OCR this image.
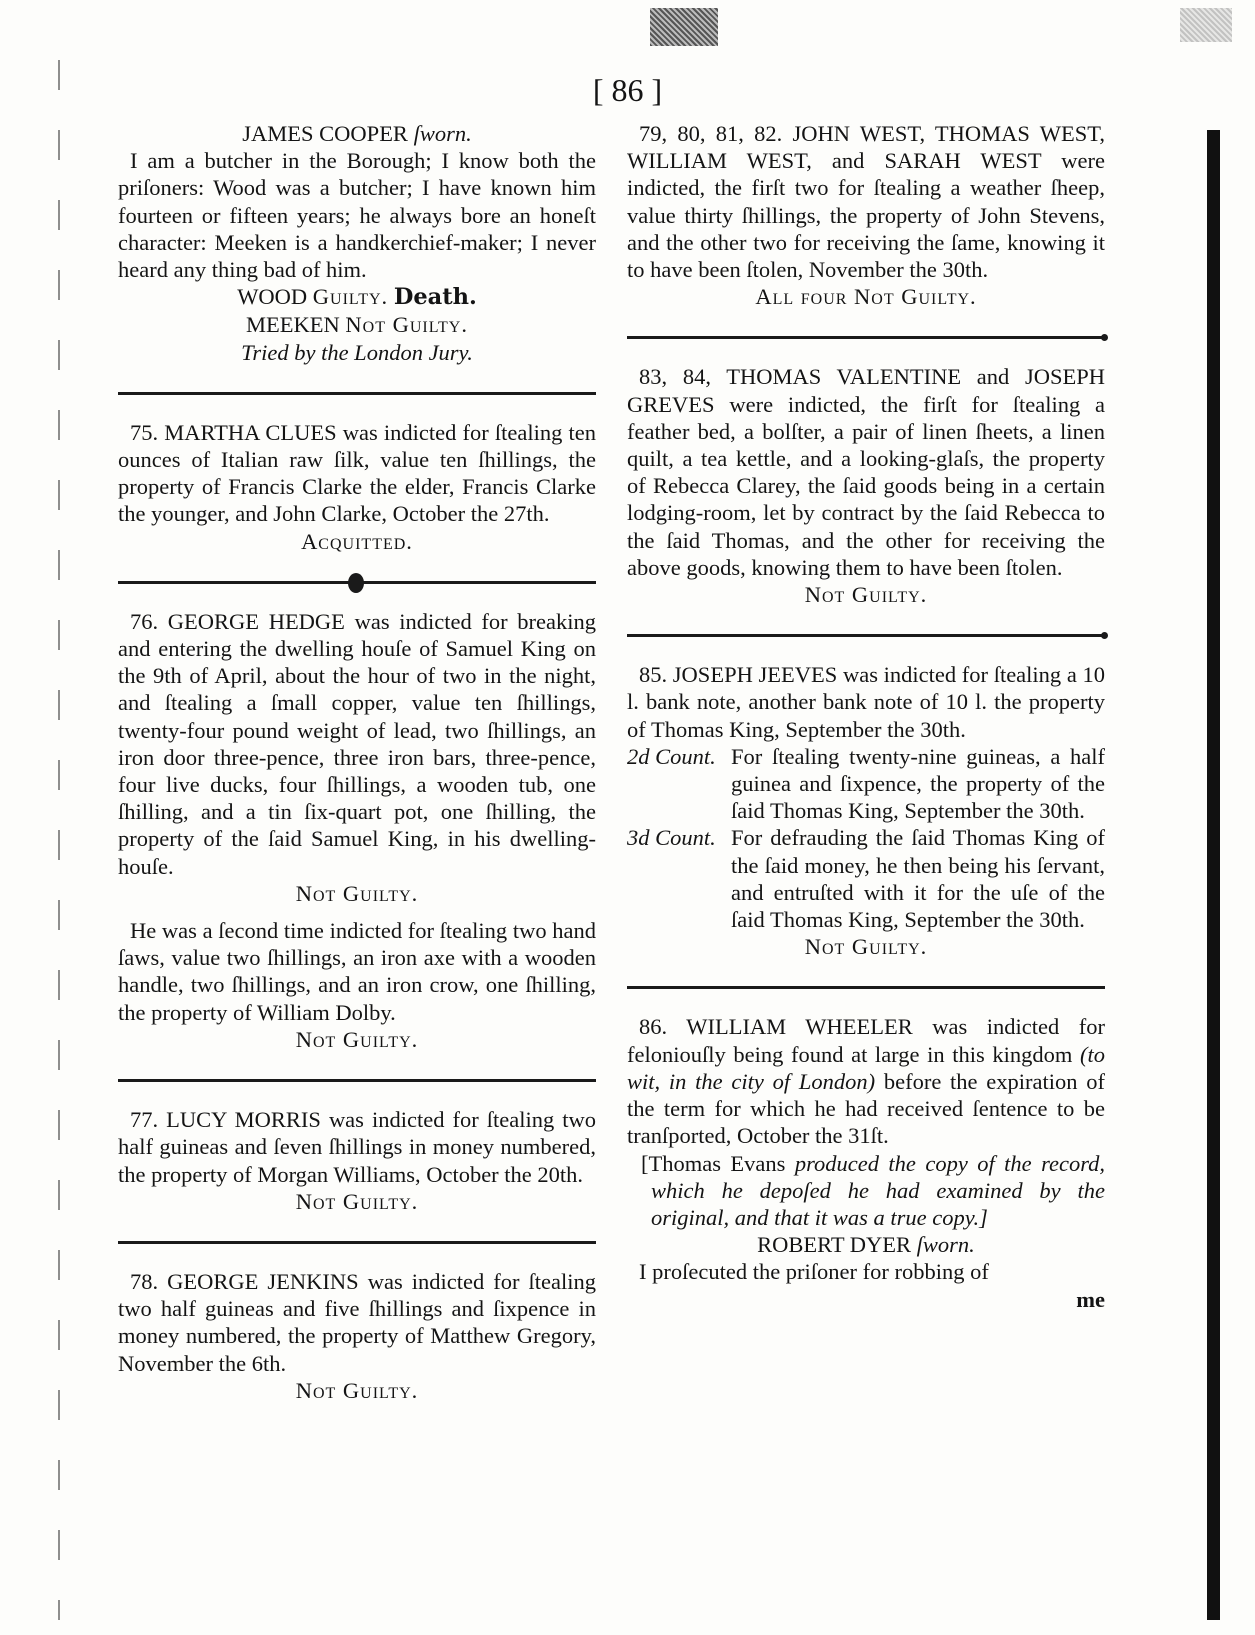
[ 86 ]

JAMES COOPER ſworn.

I am a butcher in the Borough; I know both the priſoners: Wood was a butcher; I have known him fourteen or fifteen years; he always bore an honeſt character: Meeken is a handkerchief-maker; I never heard any thing bad of him.

WOOD Guilty. Death.

MEEKEN Not Guilty.

Tried by the London Jury.

75. MARTHA CLUES was indicted for ſtealing ten ounces of Italian raw ſilk, value ten ſhillings, the property of Francis Clarke the elder, Francis Clarke the younger, and John Clarke, October the 27th.

Acquitted.

76. GEORGE HEDGE was indicted for breaking and entering the dwelling houſe of Samuel King on the 9th of April, about the hour of two in the night, and ſtealing a ſmall copper, value ten ſhillings, twenty-four pound weight of lead, two ſhillings, an iron door three-pence, three iron bars, three-pence, four live ducks, four ſhillings, a wooden tub, one ſhilling, and a tin ſix-quart pot, one ſhilling, the property of the ſaid Samuel King, in his dwelling-houſe.

Not Guilty.

He was a ſecond time indicted for ſtealing two hand ſaws, value two ſhillings, an iron axe with a wooden handle, two ſhillings, and an iron crow, one ſhilling, the property of William Dolby.

Not Guilty.

77. LUCY MORRIS was indicted for ſtealing two half guineas and ſeven ſhillings in money numbered, the property of Morgan Williams, October the 20th.

Not Guilty.

78. GEORGE JENKINS was indicted for ſtealing two half guineas and five ſhillings and ſixpence in money numbered, the property of Matthew Gregory, November the 6th.

Not Guilty.

79, 80, 81, 82. JOHN WEST, THOMAS WEST, WILLIAM WEST, and SARAH WEST were indicted, the firſt two for ſtealing a weather ſheep, value thirty ſhillings, the property of John Stevens, and the other two for receiving the ſame, knowing it to have been ſtolen, November the 30th.

All four Not Guilty.

83, 84, THOMAS VALENTINE and JOSEPH GREVES were indicted, the firſt for ſtealing a feather bed, a bolſter, a pair of linen ſheets, a linen quilt, a tea kettle, and a looking-glaſs, the property of Rebecca Clarey, the ſaid goods being in a certain lodging-room, let by contract by the ſaid Rebecca to the ſaid Thomas, and the other for receiving the above goods, knowing them to have been ſtolen.

Not Guilty.

85. JOSEPH JEEVES was indicted for ſtealing a 10 l. bank note, another bank note of 10 l. the property of Thomas King, September the 30th.

2d Count. For ſtealing twenty-nine guineas, a half guinea and ſixpence, the property of the ſaid Thomas King, September the 30th.

3d Count. For defrauding the ſaid Thomas King of the ſaid money, he then being his ſervant, and entruſted with it for the uſe of the ſaid Thomas King, September the 30th.

Not Guilty.

86. WILLIAM WHEELER was indicted for feloniouſly being found at large in this kingdom (to wit, in the city of London) before the expiration of the term for which he had received ſentence to be tranſported, October the 31ſt.

[Thomas Evans produced the copy of the record, which he depoſed he had examined by the original, and that it was a true copy.]

ROBERT DYER ſworn.

I proſecuted the priſoner for robbing of

me
